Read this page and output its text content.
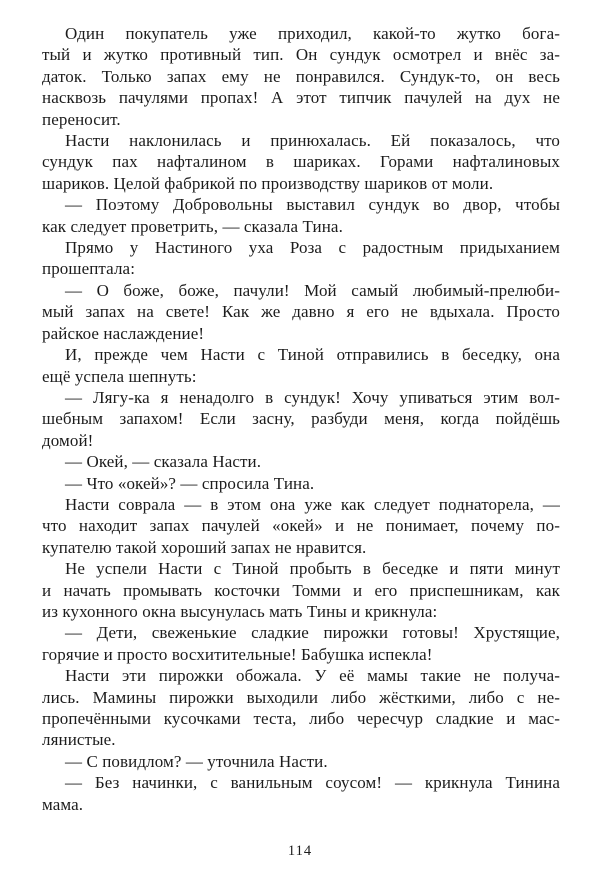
Один покупатель уже приходил, какой-то жутко бога-
тый и жутко противный тип. Он сундук осмотрел и внёс за-
даток. Только запах ему не понравился. Сундук-то, он весь
насквозь пачулями пропах! А этот типчик пачулей на дух не
переносит.
Насти наклонилась и принюхалась. Ей показалось, что
сундук пах нафталином в шариках. Горами нафталиновых
шариков. Целой фабрикой по производству шариков от моли.
— Поэтому Добровольны выставил сундук во двор, чтобы
как следует проветрить, — сказала Тина.
Прямо у Настиного уха Роза с радостным придыханием
прошептала:
— О боже, боже, пачули! Мой самый любимый-прелюби-
мый запах на свете! Как же давно я его не вдыхала. Просто
райское наслаждение!
И, прежде чем Насти с Тиной отправились в беседку, она
ещё успела шепнуть:
— Лягу-ка я ненадолго в сундук! Хочу упиваться этим вол-
шебным запахом! Если засну, разбуди меня, когда пойдёшь
домой!
— Окей, — сказала Насти.
— Что «окей»? — спросила Тина.
Насти соврала — в этом она уже как следует поднаторела, —
что находит запах пачулей «окей» и не понимает, почему по-
купателю такой хороший запах не нравится.
Не успели Насти с Тиной пробыть в беседке и пяти минут
и начать промывать косточки Томми и его приспешникам, как
из кухонного окна высунулась мать Тины и крикнула:
— Дети, свеженькие сладкие пирожки готовы! Хрустящие,
горячие и просто восхитительные! Бабушка испекла!
Насти эти пирожки обожала. У её мамы такие не получа-
лись. Мамины пирожки выходили либо жёсткими, либо с не-
пропечёнными кусочками теста, либо чересчур сладкие и мас-
лянистые.
— С повидлом? — уточнила Насти.
— Без начинки, с ванильным соусом! — крикнула Тинина
мама.
114
